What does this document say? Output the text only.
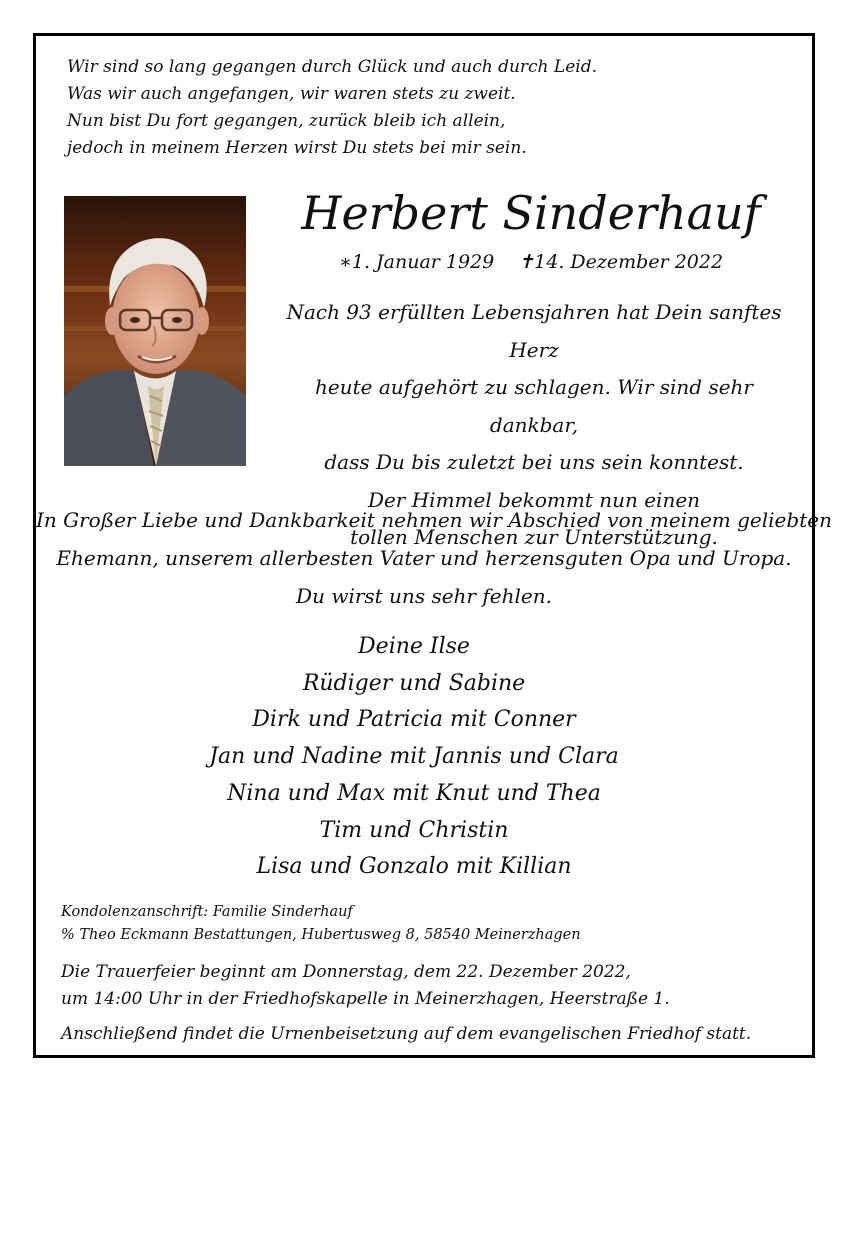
Wir sind so lang gegangen durch Glück und auch durch Leid.
Was wir auch angefangen, wir waren stets zu zweit.
Nun bist Du fort gegangen, zurück bleib ich allein,
jedoch in meinem Herzen wirst Du stets bei mir sein.
Herbert Sinderhauf
∗1. Januar 1929 ✝14. Dezember 2022
Nach 93 erfüllten Lebensjahren hat Dein sanftes Herz
heute aufgehört zu schlagen. Wir sind sehr dankbar,
dass Du bis zuletzt bei uns sein konntest.
Der Himmel bekommt nun einen
tollen Menschen zur Unterstützung.
In Großer Liebe und Dankbarkeit nehmen wir Abschied von meinem geliebten
Ehemann, unserem allerbesten Vater und herzensguten Opa und Uropa.
Du wirst uns sehr fehlen.
Deine Ilse
Rüdiger und Sabine
Dirk und Patricia mit Conner
Jan und Nadine mit Jannis und Clara
Nina und Max mit Knut und Thea
Tim und Christin
Lisa und Gonzalo mit Killian
Kondolenzanschrift: Familie Sinderhauf
% Theo Eckmann Bestattungen, Hubertusweg 8, 58540 Meinerzhagen
Die Trauerfeier beginnt am Donnerstag, dem 22. Dezember 2022,
um 14:00 Uhr in der Friedhofskapelle in Meinerzhagen, Heerstraße 1.
Anschließend findet die Urnenbeisetzung auf dem evangelischen Friedhof statt.
